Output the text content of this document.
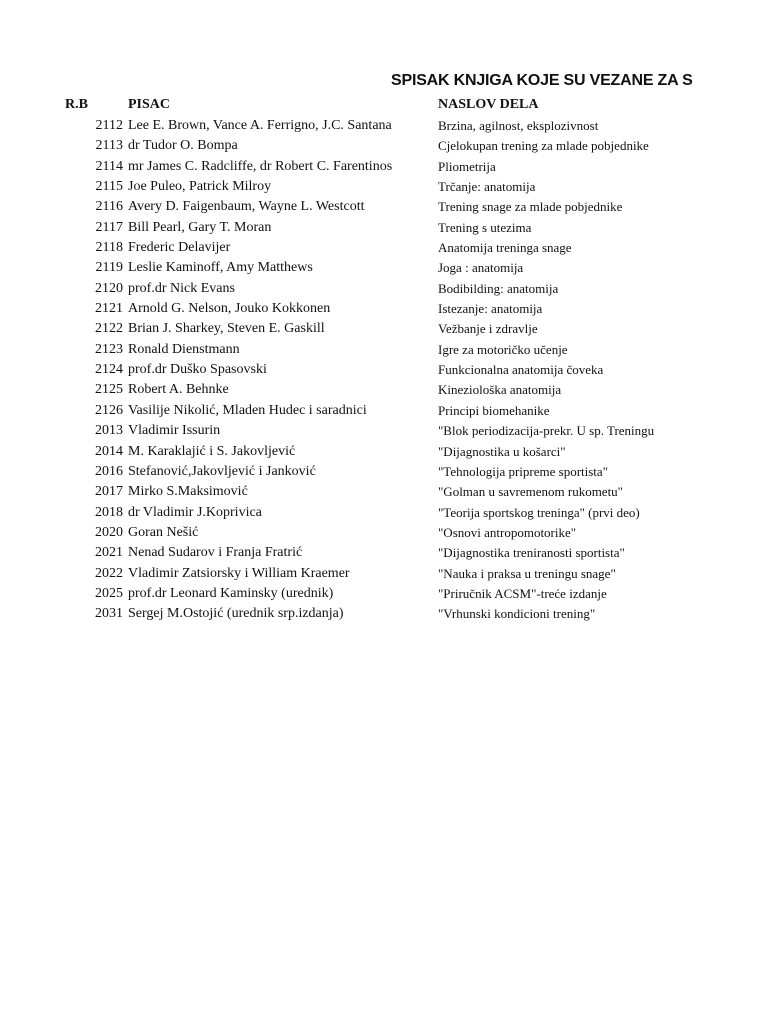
SPISAK KNJIGA KOJE SU VEZANE ZA S
R.B	PISAC	NASLOV DELA
2112 Lee E. Brown, Vance A. Ferrigno, J.C. Santana	Brzina, agilnost, eksplozivnost
2113 dr Tudor O. Bompa	Cjelokupan trening za mlade pobjednike
2114 mr James C. Radcliffe, dr Robert C. Farentinos	Pliometrija
2115 Joe Puleo, Patrick Milroy	Trčanje: anatomija
2116 Avery D. Faigenbaum, Wayne L. Westcott	Trening snage za mlade pobjednike
2117 Bill Pearl, Gary T. Moran	Trening s utezima
2118 Frederic Delavijer	Anatomija treninga snage
2119 Leslie Kaminoff, Amy Matthews	Joga : anatomija
2120 prof.dr Nick Evans	Bodibilding: anatomija
2121 Arnold G. Nelson, Jouko Kokkonen	Istezanje: anatomija
2122 Brian J. Sharkey, Steven E. Gaskill	Vežbanje i zdravlje
2123 Ronald Dienstmann	Igre za motoričko učenje
2124 prof.dr Duško Spasovski	Funkcionalna anatomija čoveka
2125 Robert A. Behnke	Kineziološka anatomija
2126 Vasilije Nikolić, Mladen Hudec i saradnici	Principi biomehanike
2013 Vladimir Issurin	"Blok periodizacija-prekr. U sp. Treningu
2014 M. Karaklajić i S. Jakovljević	"Dijagnostika u košarci"
2016 Stefanović,Jakovljević i Janković	"Tehnologija pripreme sportista"
2017 Mirko S.Maksimović	"Golman u savremenom rukometu"
2018 dr Vladimir J.Koprivica	"Teorija sportskog treninga" (prvi deo)
2020 Goran Nešić	"Osnovi antropomotorike"
2021 Nenad Sudarov i Franja Fratrić	"Dijagnostika treniranosti sportista"
2022 Vladimir Zatsiorsky i William Kraemer	"Nauka i praksa u treningu snage"
2025 prof.dr Leonard Kaminsky (urednik)	"Priručnik ACSM"-treće izdanje
2031 Sergej M.Ostojić (urednik srp.izdanja)	"Vrhunski kondicioni trening"
